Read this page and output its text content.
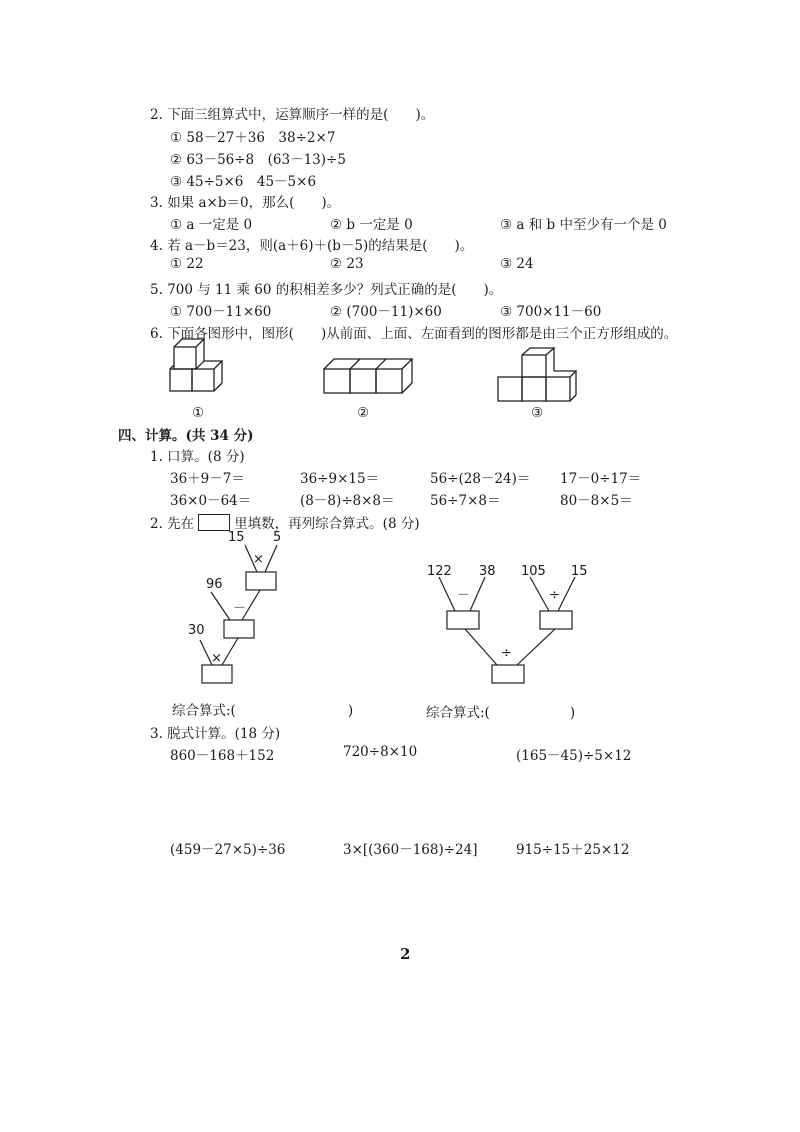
2. 下面三组算式中，运算顺序一样的是(　　)。
① 58－27＋36　38÷2×7
② 63－56÷8　(63－13)÷5
③ 45÷5×6　45－5×6
3. 如果 a×b＝0，那么(　　)。
① a 一定是 0	② b 一定是 0	③ a 和 b 中至少有一个是 0
4. 若 a－b＝23，则(a＋6)＋(b－5)的结果是(　　)。
① 22	② 23	③ 24
5. 700 与 11 乘 60 的积相差多少？列式正确的是(　　)。
① 700－11×60	② (700－11)×60	③ 700×11－60
6. 下面各图形中，图形(　　)从前面、上面、左面看到的图形都是由三个正方形组成的。
①	②	③
四、计算。(共 34 分)
1. 口算。(8 分)
36＋9－7＝	36÷9×15＝	56÷(28－24)＝ 17－0÷17＝
36×0－64＝	(8－8)÷8×8＝	56÷7×8＝	80－8×5＝
2. 先在	里填数，再列综合算式。(8 分)
15 5
×
96
－
30
×
122 38
－
105 15
÷
÷
综合算式:(	)	综合算式:(	)
3. 脱式计算。(18 分)
860－168＋152	720÷8×10	(165－45)÷5×12
(459－27×5)÷36	3×[(360－168)÷24]	915÷15＋25×12
2
